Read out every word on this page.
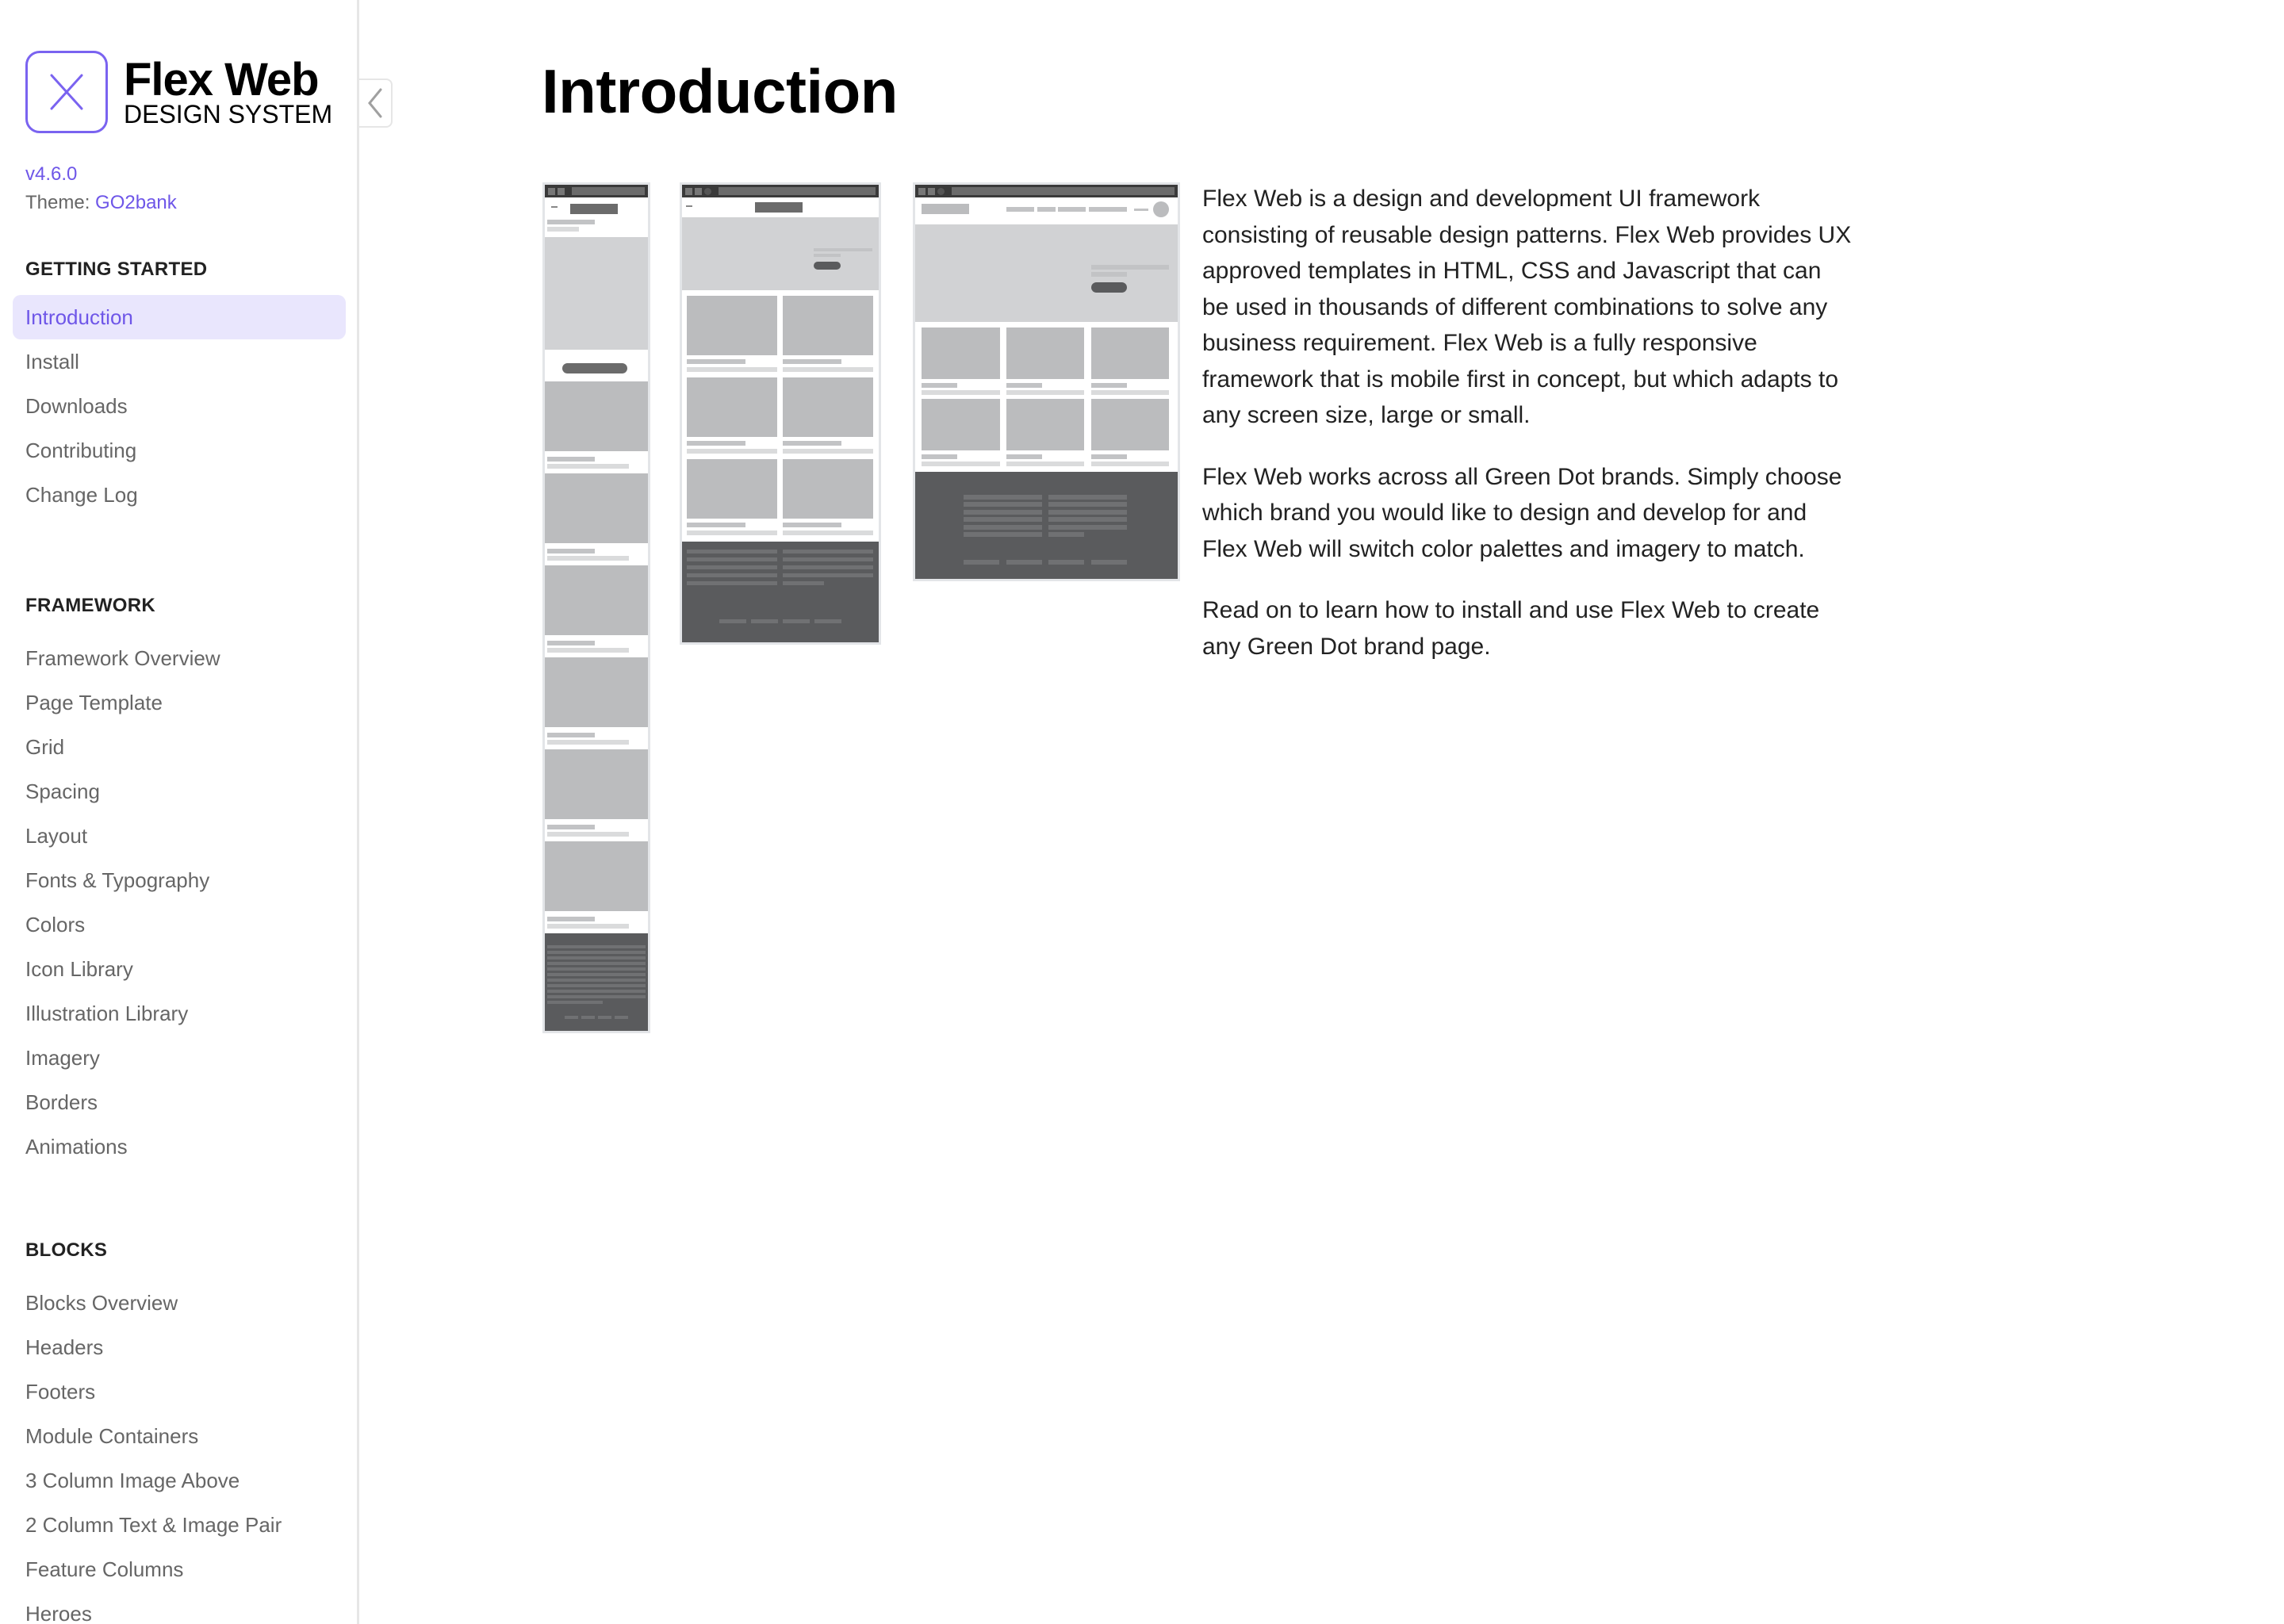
Flex Web
DESIGN SYSTEM
v4.6.0
Theme: GO2bank
GETTING STARTED
Introduction
Install
Downloads
Contributing
Change Log
FRAMEWORK
Framework Overview
Page Template
Grid
Spacing
Layout
Fonts & Typography
Colors
Icon Library
Illustration Library
Imagery
Borders
Animations
BLOCKS
Blocks Overview
Headers
Footers
Module Containers
3 Column Image Above
2 Column Text & Image Pair
Feature Columns
Heroes
Introduction

Flex Web is a design and development UI framework consisting of reusable design patterns. Flex Web provides UX approved templates in HTML, CSS and Javascript that can be used in thousands of different combinations to solve any business requirement. Flex Web is a fully responsive framework that is mobile first in concept, but which adapts to any screen size, large or small.

Flex Web works across all Green Dot brands. Simply choose which brand you would like to design and develop for and Flex Web will switch color palettes and imagery to match.

Read on to learn how to install and use Flex Web to create any Green Dot brand page.
